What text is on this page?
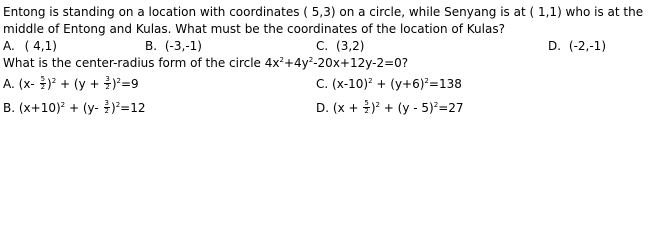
Entong is standing on a location with coordinates ( 5,3) on a circle, while Senyang is at ( 1,1) who is at the
middle of Entong and Kulas. What must be the coordinates of the location of Kulas?
A. ( 4,1)	B. (-3,-1)	C. (3,2)	D. (-2,-1)
What is the center-radius form of the circle $4x^2+4y^2-20x+12y-2=0$?
A. $(x- \frac{5}{2} )^2 + (y + \frac{3}{2} )^2=9$	C. $(x-10)^2 + (y+6)^2=138$
B. $(x+10)^2 + (y- \frac{3}{2} )^2=12$	D. $(x + \frac{5}{2} )^2 + (y - 5)^2=27$
